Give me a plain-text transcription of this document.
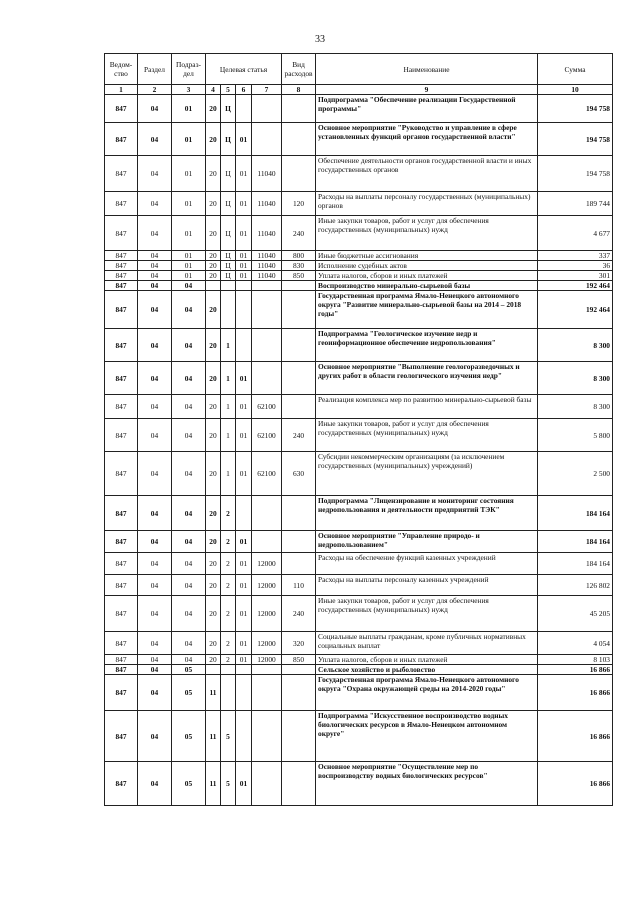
33
Ведом-ство	Раздел	Подраз-дел	Целевая статья				Вид расходов	Наименование	Сумма
1	2	3	4	5	6	7	8	9	10
847	04	01	20	Ц				Подпрограмма "Обеспечение реализации Государственной программы"	194 758
847	04	01	20	Ц	01			Основное мероприятие "Руководство и управление в сфере установленных функций органов государственной власти"	194 758
847	04	01	20	Ц	01	11040		Обеспечение деятельности органов государственной власти и иных государственных органов	194 758
847	04	01	20	Ц	01	11040	120	Расходы на выплаты персоналу государственных (муниципальных) органов	189 744
847	04	01	20	Ц	01	11040	240	Иные закупки товаров, работ и услуг для обеспечения государственных (муниципальных) нужд	4 677
847	04	01	20	Ц	01	11040	800	Иные бюджетные ассигнования	337
847	04	01	20	Ц	01	11040	830	Исполнение судебных актов	36
847	04	01	20	Ц	01	11040	850	Уплата налогов, сборов и иных платежей	301
847	04	04						Воспроизводство минерально-сырьевой базы	192 464
847	04	04	20					Государственная программа Ямало-Ненецкого автономного округа "Развитие минерально-сырьевой базы на 2014 – 2018 годы"	192 464
847	04	04	20	1				Подпрограмма "Геологическое изучение недр и геоинформационное обеспечение недропользования"	8 300
847	04	04	20	1	01			Основное мероприятие "Выполнение геологоразведочных и других работ в области геологического изучения недр"	8 300
847	04	04	20	1	01	62100		Реализация комплекса мер по развитию минерально-сырьевой базы	8 300
847	04	04	20	1	01	62100	240	Иные закупки товаров, работ и услуг для обеспечения государственных (муниципальных) нужд	5 800
847	04	04	20	1	01	62100	630	Субсидии некоммерческим организациям (за исключением государственных (муниципальных) учреждений)	2 500
847	04	04	20	2				Подпрограмма "Лицензирование и мониторинг состояния недропользования и деятельности предприятий ТЭК"	184 164
847	04	04	20	2	01			Основное мероприятие "Управление природо- и недропользованием"	184 164
847	04	04	20	2	01	12000		Расходы на обеспечение функций казенных учреждений	184 164
847	04	04	20	2	01	12000	110	Расходы на выплаты персоналу казенных учреждений	126 802
847	04	04	20	2	01	12000	240	Иные закупки товаров, работ и услуг для обеспечения государственных (муниципальных) нужд	45 205
847	04	04	20	2	01	12000	320	Социальные выплаты гражданам, кроме публичных нормативных социальных выплат	4 054
847	04	04	20	2	01	12000	850	Уплата налогов, сборов и иных платежей	8 103
847	04	05						Сельское хозяйство и рыболовство	16 866
847	04	05	11					Государственная программа Ямало-Ненецкого автономного округа "Охрана окружающей среды на 2014-2020 годы"	16 866
847	04	05	11	5				Подпрограмма "Искусственное воспроизводство водных биологических ресурсов в Ямало-Ненецком автономном округе"	16 866
847	04	05	11	5	01			Основное мероприятие "Осуществление мер по воспроизводству водных биологических ресурсов"	16 866
